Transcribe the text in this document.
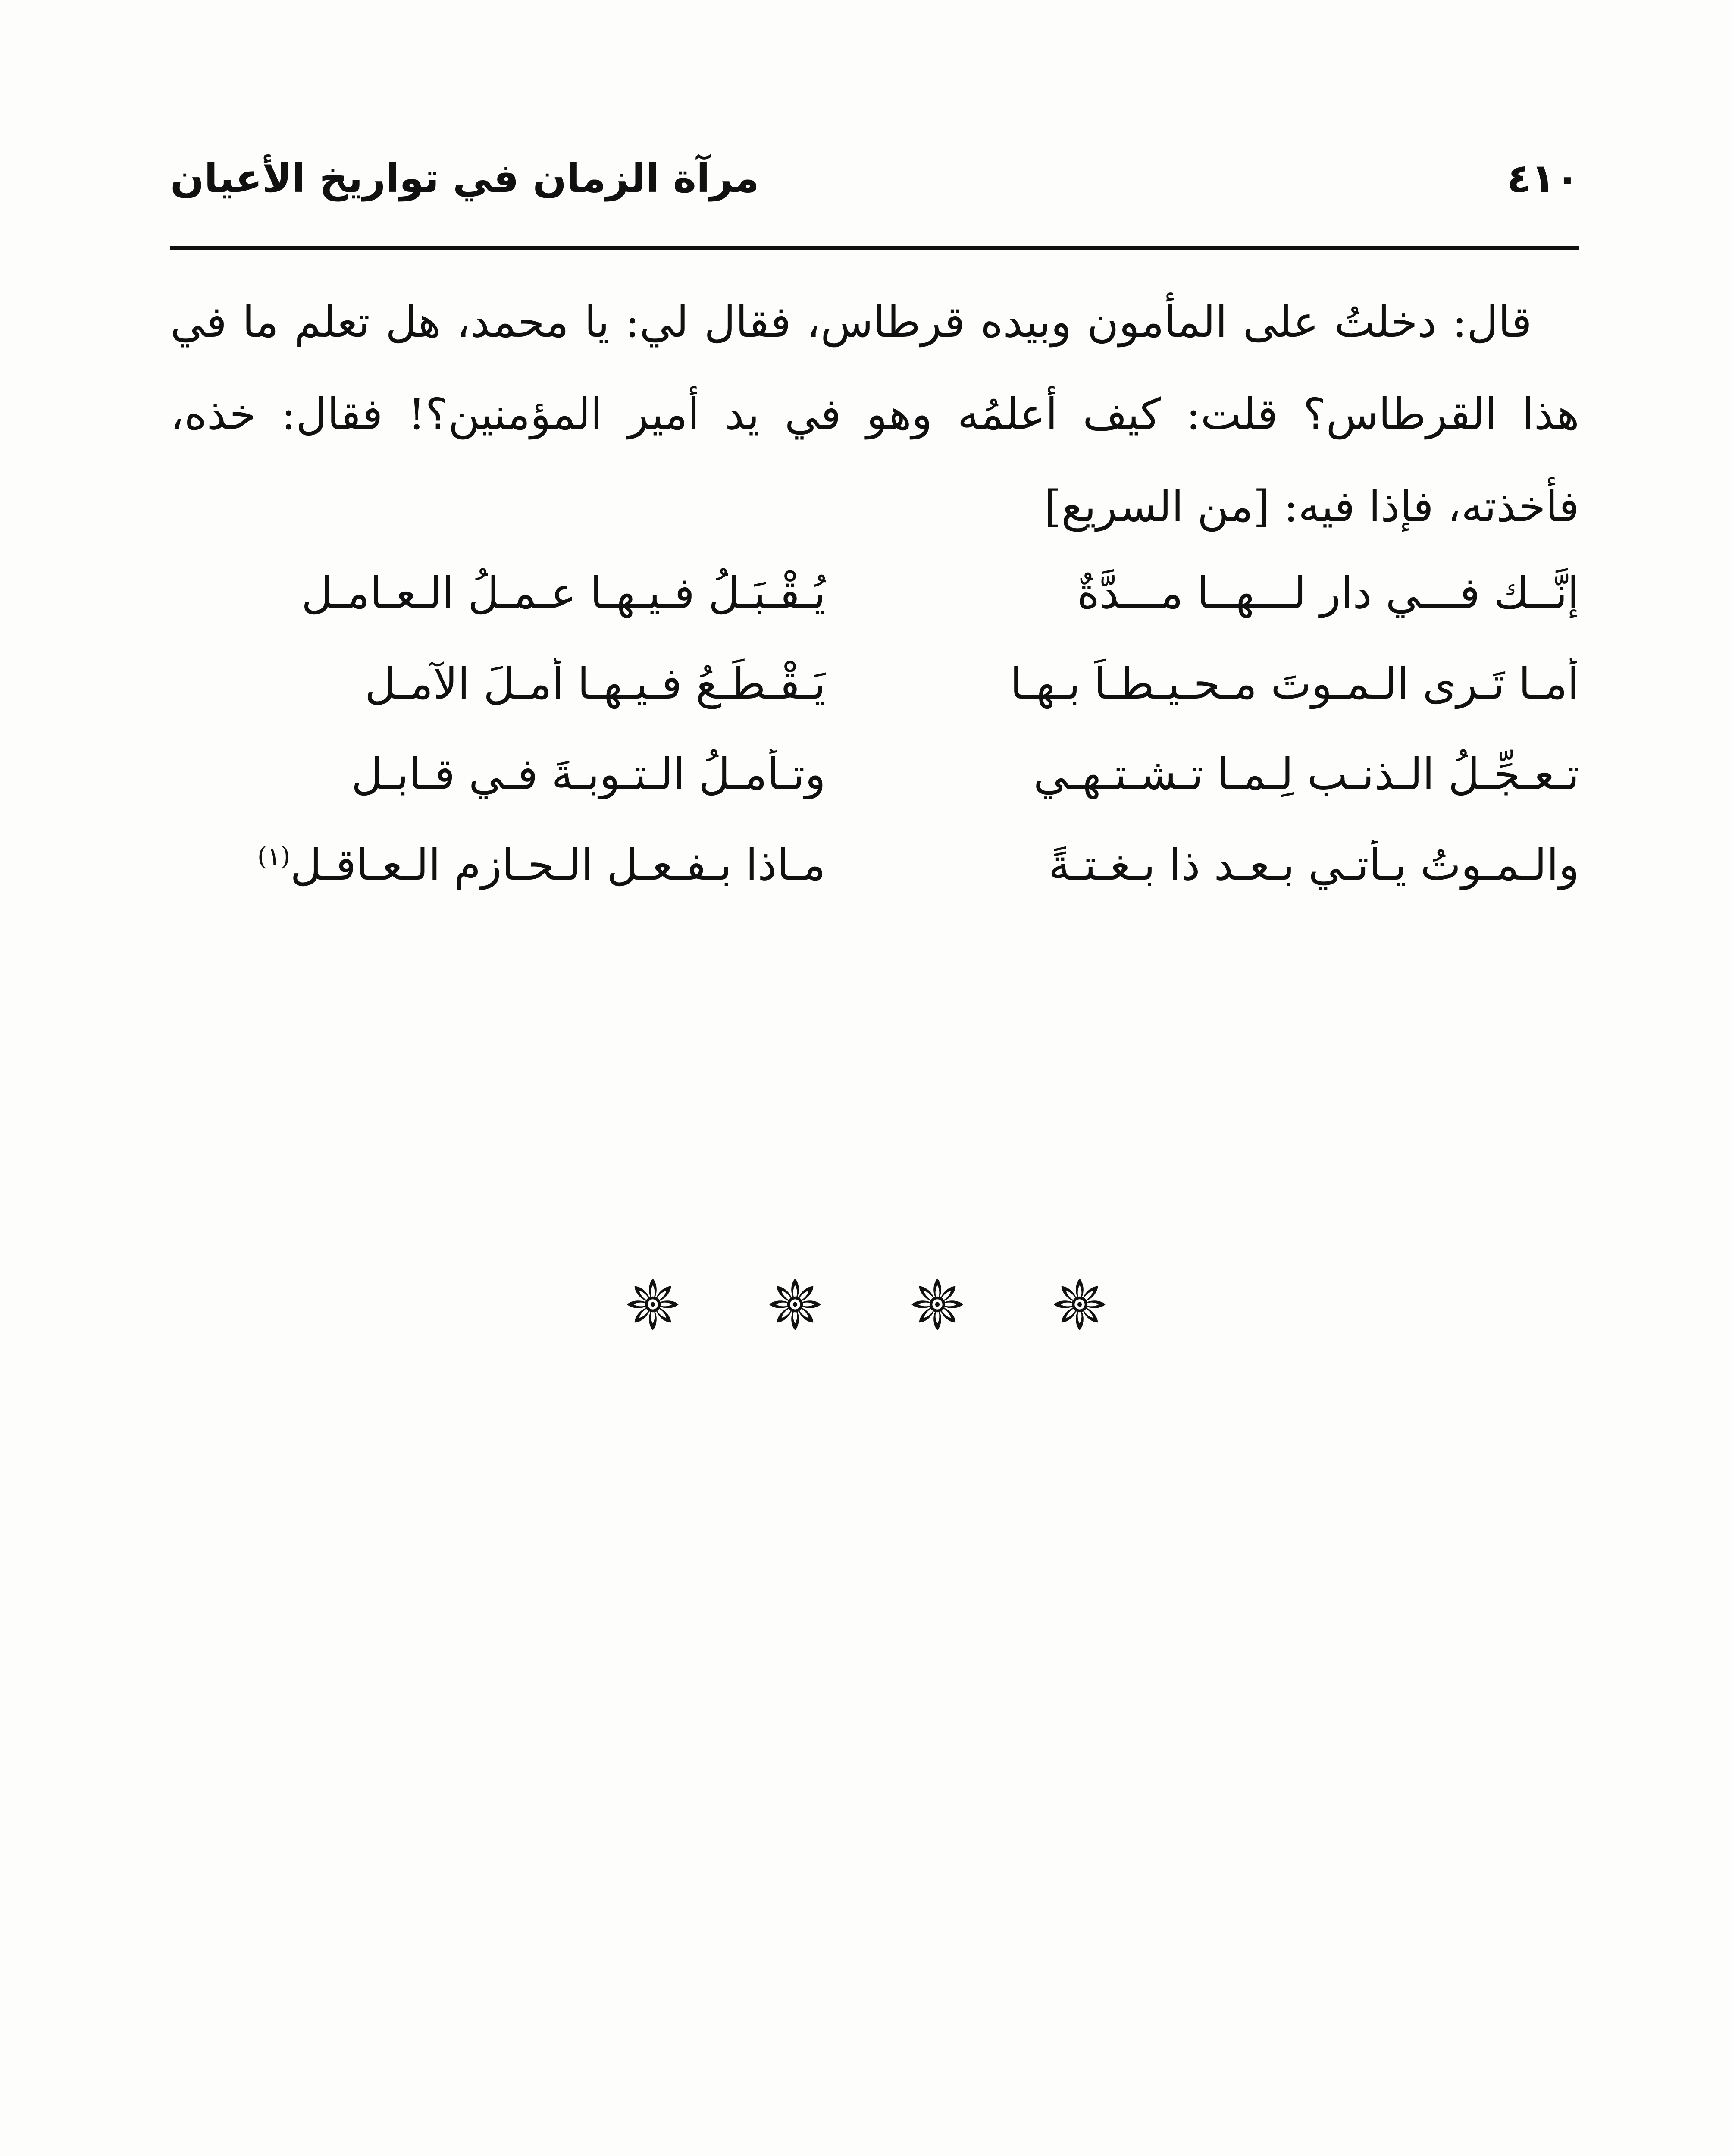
٤١٠
مرآة الزمان في تواريخ الأعيان

قال: دخلتُ على المأمون وبيده قرطاس، فقال لي: يا محمد، هل تعلم ما في هذا القرطاس؟ قلت: كيف أعلمُه وهو في يد أمير المؤمنين؟! فقال: خذه، فأخذته، فإذا فيه: [من السريع]

إنَّــك فـــي دارٍ لـــهــا مـــدَّةٌ
يُـقْـبَـلُ فـيـهـا عـمـلُ الـعـامـلِ
أمـا تَـرى الـمـوتَ مـحـيـطـاً بـهـا
يَـقْـطَـعُ فـيـهـا أمـلَ الآمـلِ
تـعـجِّـلُ الـذنـب لِـمـا تـشـتـهـي
وتـأمـلُ الـتـوبـةَ فـي قـابـلِ
والـمـوتُ يـأتـي بـعـد ذا بـغـتـةً
مـاذا بـفـعـل الـحـازم الـعـاقـلِ$^{(١)}$
